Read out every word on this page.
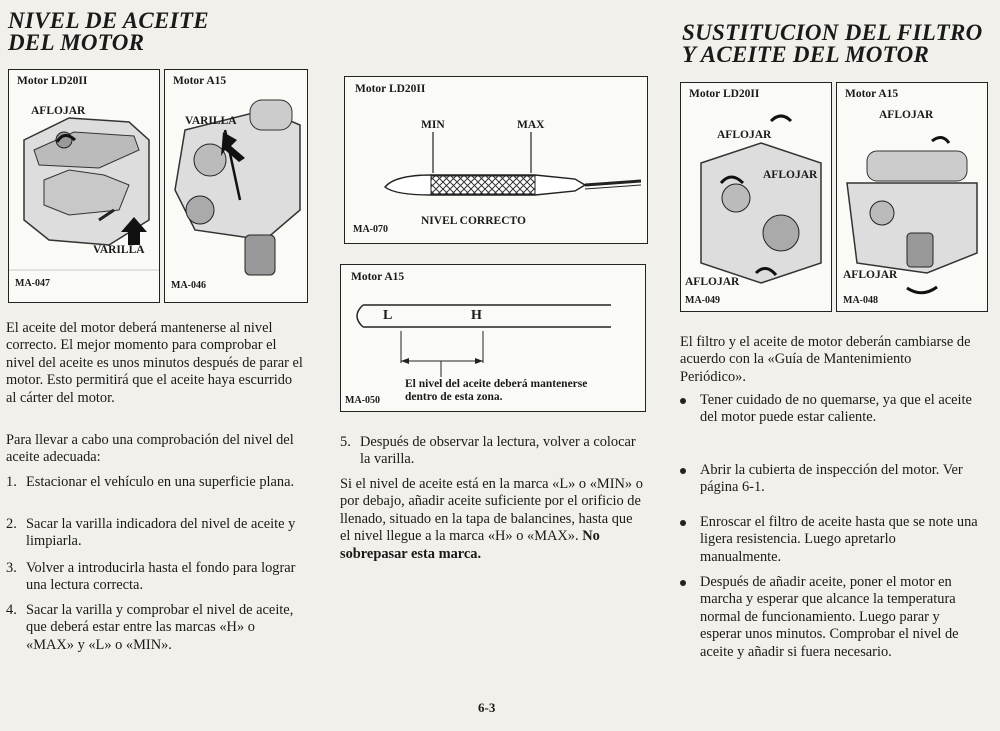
NIVEL DE ACEITE
DEL MOTOR
Motor LD20II
AFLOJAR
VARILLA
MA-047
Motor A15
VARILLA
MA-046
El aceite del motor deberá mantenerse al nivel correcto. El mejor momento para comprobar el nivel del aceite es unos minutos después de parar el motor. Esto permitirá que el aceite haya escurrido al cárter del motor.
Para llevar a cabo una comprobación del nivel del aceite adecuada:
1. Estacionar el vehículo en una superficie plana.
2. Sacar la varilla indicadora del nivel de aceite y limpiarla.
3. Volver a introducirla hasta el fondo para lograr una lectura correcta.
4. Sacar la varilla y comprobar el nivel de aceite, que deberá estar entre las marcas «H» o «MAX» y «L» o «MIN».
Motor LD20II
MIN	MAX
NIVEL CORRECTO
MA-070
Motor A15
L	H
El nivel del aceite deberá mantenerse
dentro de esta zona.
MA-050
5. Después de observar la lectura, volver a colocar la varilla.
Si el nivel de aceite está en la marca «L» o «MIN» o por debajo, añadir aceite suficiente por el orificio de llenado, situado en la tapa de balancines, hasta que el nivel llegue a la marca «H» o «MAX». No sobrepasar esta marca.
SUSTITUCION DEL FILTRO
Y ACEITE DEL MOTOR
Motor LD20II
AFLOJAR
AFLOJAR
AFLOJAR
MA-049
Motor A15
AFLOJAR
AFLOJAR
MA-048
El filtro y el aceite de motor deberán cambiarse de acuerdo con la «Guía de Mantenimiento Periódico».
Tener cuidado de no quemarse, ya que el aceite del motor puede estar caliente.
Abrir la cubierta de inspección del motor. Ver página 6-1.
Enroscar el filtro de aceite hasta que se note una ligera resistencia. Luego apretarlo manualmente.
Después de añadir aceite, poner el motor en marcha y esperar que alcance la temperatura normal de funcionamiento. Luego parar y esperar unos minutos. Comprobar el nivel de aceite y añadir si fuera necesario.
6-3
